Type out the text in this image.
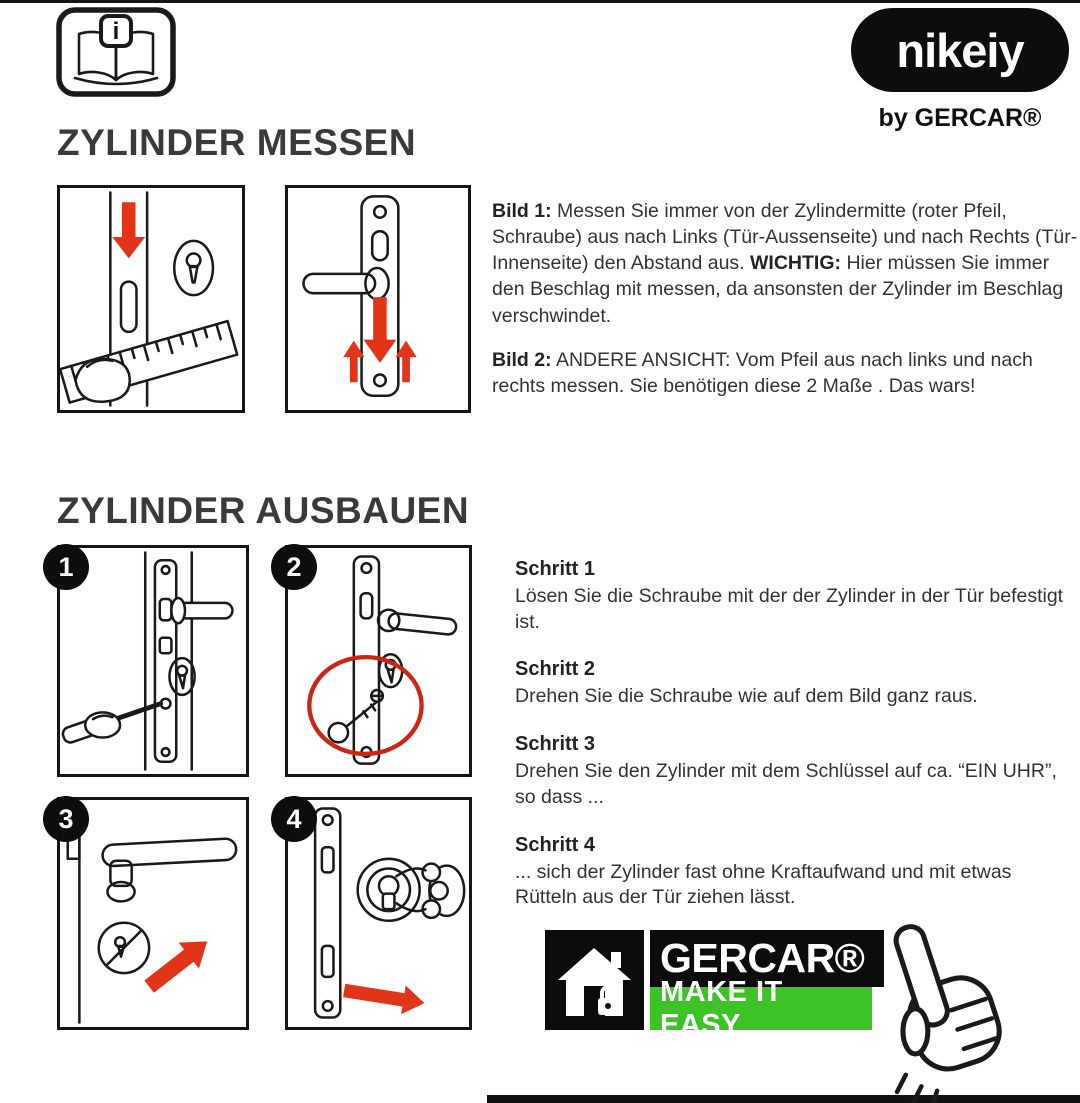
i	nikeiy
by GERCAR®
ZYLINDER MESSEN

Bild 1: Messen Sie immer von der Zylindermitte (roter Pfeil, Schraube) aus nach Links (Tür-Aussenseite) und nach Rechts (Tür-Innenseite) den Abstand aus. WICHTIG: Hier müssen Sie immer den Beschlag mit messen, da ansonsten der Zylinder im Beschlag verschwindet.

Bild 2: ANDERE ANSICHT: Vom Pfeil aus nach links und nach rechts messen. Sie benötigen diese 2 Maße . Das wars!

ZYLINDER AUSBAUEN
1	2
3	4
Schritt 1
Lösen Sie die Schraube mit der der Zylinder in der Tür befestigt ist.
Schritt 2
Drehen Sie die Schraube wie auf dem Bild ganz raus.
Schritt 3
Drehen Sie den Zylinder mit dem Schlüssel auf ca. “EIN UHR”, so dass ...
Schritt 4
... sich der Zylinder fast ohne Kraftaufwand und mit etwas Rütteln aus der Tür ziehen lässt.
GERCAR®
MAKE IT EASY
